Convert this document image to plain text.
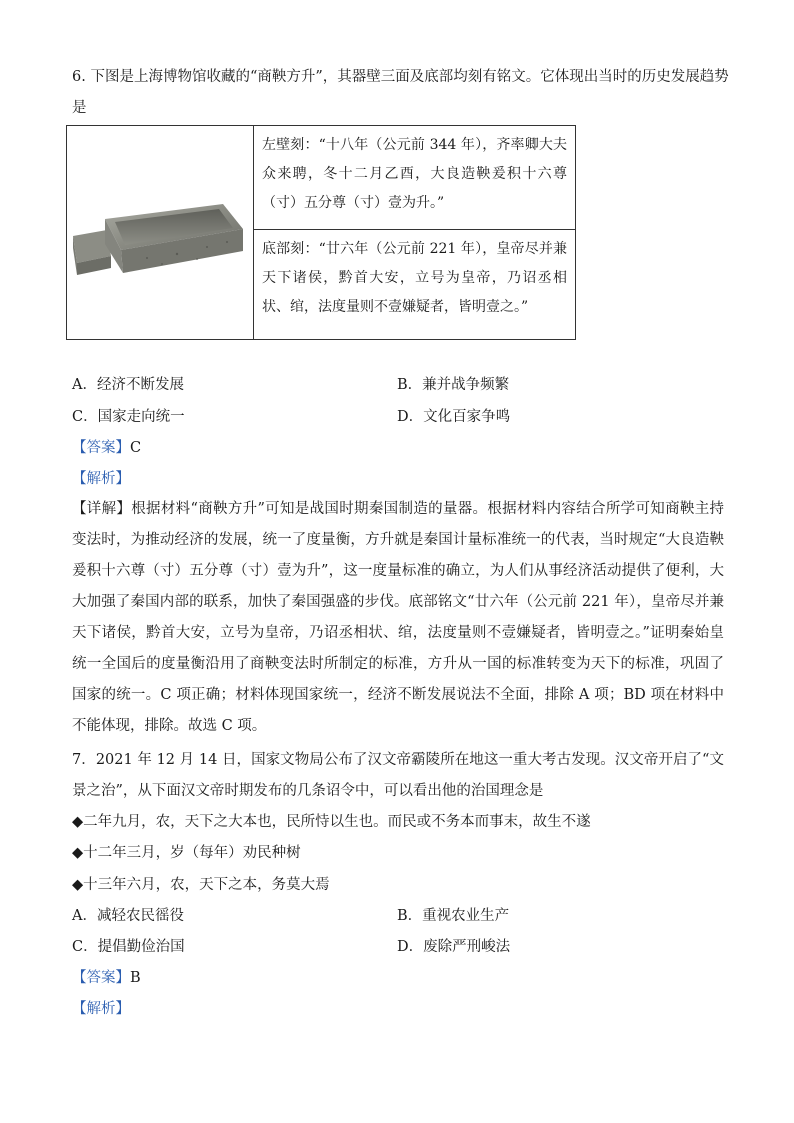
6. 下图是上海博物馆收藏的“商鞅方升”，其器壁三面及底部均刻有铭文。它体现出当时的历史发展趋势
是
	左壁刻：“十八年（公元前 344 年），齐率卿大夫众来聘，冬十二月乙酉，大良造鞅爰积十六尊（寸）五分尊（寸）壹为升。”
底部刻：“廿六年（公元前 221 年），皇帝尽并兼天下诸侯，黔首大安，立号为皇帝，乃诏丞相状、绾，法度量则不壹嫌疑者，皆明壹之。”
A．经济不断发展	B．兼并战争频繁
C．国家走向统一	D．文化百家争鸣
【答案】C
【解析】
【详解】根据材料“商鞅方升”可知是战国时期秦国制造的量器。根据材料内容结合所学可知商鞅主持变法时，为推动经济的发展，统一了度量衡，方升就是秦国计量标准统一的代表，当时规定“大良造鞅爰积十六尊（寸）五分尊（寸）壹为升”，这一度量标准的确立，为人们从事经济活动提供了便利，大大加强了秦国内部的联系，加快了秦国强盛的步伐。底部铭文“廿六年（公元前 221 年），皇帝尽并兼天下诸侯，黔首大安，立号为皇帝，乃诏丞相状、绾，法度量则不壹嫌疑者，皆明壹之。”证明秦始皇统一全国后的度量衡沿用了商鞅变法时所制定的标准，方升从一国的标准转变为天下的标准，巩固了国家的统一。C 项正确；材料体现国家统一，经济不断发展说法不全面，排除 A 项；BD 项在材料中不能体现，排除。故选 C 项。
7．2021 年 12 月 14 日，国家文物局公布了汉文帝霸陵所在地这一重大考古发现。汉文帝开启了“文景之治”，从下面汉文帝时期发布的几条诏令中，可以看出他的治国理念是
◆二年九月，农，天下之大本也，民所恃以生也。而民或不务本而事末，故生不遂
◆十二年三月，岁（每年）劝民种树
◆十三年六月，农，天下之本，务莫大焉
A．减轻农民徭役	B．重视农业生产
C．提倡勤俭治国	D．废除严刑峻法
【答案】B
【解析】
